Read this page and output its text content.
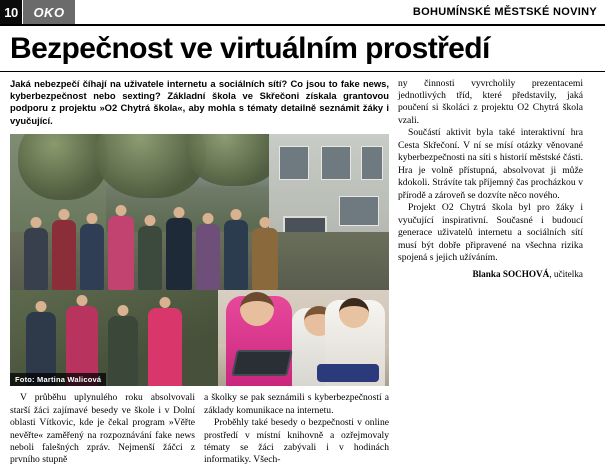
10	OKO	BOHUMÍNSKÉ MĚSTSKÉ NOVINY
Bezpečnost ve virtuálním prostředí
Jaká nebezpečí číhají na uživatele internetu a sociálních sítí? Co jsou to fake news, kyberbezpečnost nebo sexting? Základní škola ve Skřečoni získala grantovou podporu z projektu »O2 Chytrá škola«, aby mohla s tématy detailně seznámit žáky i vyučující.
Foto: Martina Walicová

ny činnosti vyvrcholily prezentacemi jednotlivých tříd, které představily, jaká poučení si školáci z projektu O2 Chytrá škola vzali.

Součástí aktivit byla také interaktivní hra Cesta Skřečoní. V ní se mísí otázky věnované kyberbezpečnosti na síti s historií městské části. Hra je volně přístupná, absolvovat ji může kdokoli. Strávíte tak příjemný čas procházkou v přírodě a zároveň se dozvíte něco nového.

Projekt O2 Chytrá škola byl pro žáky i vyučující inspirativní. Současné i budoucí generace uživatelů internetu a sociálních sítí musí být dobře připravené na všechna rizika spojená s jejich užíváním.

Blanka SOCHOVÁ, učitelka

V průběhu uplynulého roku absolvovali starší žáci zajímavé besedy ve škole i v Dolní oblasti Vítkovic, kde je čekal program »Věřte nevěřte« zaměřený na rozpoznávání fake news neboli falešných zpráv. Nejmenší žáčci z prvního stupně

a školky se pak seznámili s kyberbezpečností a základy komunikace na internetu.

Proběhly také besedy o bezpečnosti v online prostředí v místní knihovně a ozřejmovaly tématy se žáci zabývali i v hodinách informatiky. Všech-
